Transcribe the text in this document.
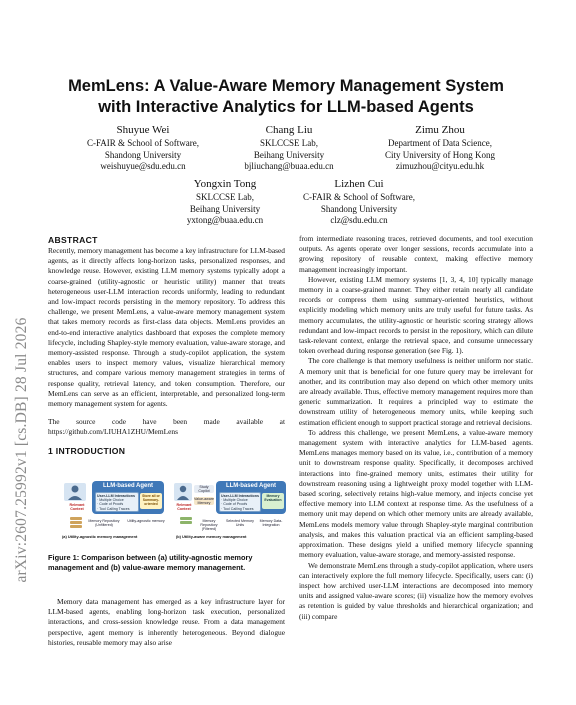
arXiv:2607.25992v1 [cs.DB] 28 Jul 2026
MemLens: A Value-Aware Memory Management System
with Interactive Analytics for LLM-based Agents
Shuyue Wei
C-FAIR & School of Software,
Shandong University
weishuyue@sdu.edu.cn
Chang Liu
SKLCCSE Lab,
Beihang University
bjliuchang@buaa.edu.cn
Zimu Zhou
Department of Data Science,
City University of Hong Kong
zimuzhou@cityu.edu.hk
Yongxin Tong
SKLCCSE Lab,
Beihang University
yxtong@buaa.edu.cn
Lizhen Cui
C-FAIR & School of Software,
Shandong University
clz@sdu.edu.cn

ABSTRACT

Recently, memory management has become a key infrastructure for LLM-based agents, as it directly affects long-horizon tasks, personalized responses, and knowledge reuse. However, existing LLM memory systems typically adopt a coarse-grained (utility-agnostic or heuristic utility) manner that treats heterogeneous user-LLM interaction records uniformly, leading to redundant and low-impact records persisting in the memory repository. To address this challenge, we present MemLens, a value-aware memory management system that takes memory records as first-class data objects. MemLens provides an end-to-end interactive analytics dashboard that exposes the complete memory lifecycle, including Shapley-style memory evaluation, value-aware storage, and memory-assisted response. Through a study-copilot application, the system enables users to inspect memory values, visualize hierarchical memory structures, and compare various memory management strategies in terms of response quality, retrieval latency, and token consumption. Therefore, our MemLens can serve as an efficient, interpretable, and personalized long-term memory management system for agents.

The source code have been made available at https://github.com/LIUHA1ZHU/MemLens

1 INTRODUCTION

LLM-based Agent
User-LLM Interactions
· Multiple Choice
· Code of Proofs
· Tool Calling Traces
Store all or Summary-oriented
Relevant Context
Memory Repository (Unfiltered)
Utility-agnostic memory
(a) Utility-agnostic memory management
Relevant Context
LLM-based Agent
User-LLM Interactions
· Multiple Choice
· Code of Proofs
· Tool Calling Traces
Memory Evaluation
Study Copilot
Value-aware Memory
Memory Repository (Filtered)
Selected Memory Units
Memory Data-Integration
(b) Utility-aware memory management
Figure 1: Comparison between (a) utility-agnostic memory management and (b) value-aware memory management.

Memory data management has emerged as a key infrastructure layer for LLM-based agents, enabling long-horizon task execution, personalized interactions, and cross-session knowledge reuse. From a data management perspective, agent memory is inherently heterogeneous. Beyond dialogue histories, reusable memory may also arise

from intermediate reasoning traces, retrieved documents, and tool execution outputs. As agents operate over longer sessions, records accumulate into a growing repository of reusable context, making effective memory management increasingly important.

However, existing LLM memory systems [1, 3, 4, 10] typically manage memory in a coarse-grained manner. They either retain nearly all candidate records or compress them using summary-oriented heuristics, without explicitly modeling which memory units are truly useful for future tasks. As memory accumulates, the utility-agnostic or heuristic scoring strategy allows redundant and low-impact records to persist in the repository, which can dilute task-relevant context, enlarge the retrieval space, and consume unnecessary token overhead during response generation (see Fig. 1).

The core challenge is that memory usefulness is neither uniform nor static. A memory unit that is beneficial for one future query may be irrelevant for another, and its contribution may also depend on which other memory units are already available. Thus, effective memory management requires more than generic summarization. It requires a principled way to estimate the downstream utility of heterogeneous memory units, while keeping such estimation efficient enough to support practical storage and retrieval decisions.

To address this challenge, we present MemLens, a value-aware memory management system with interactive analytics for LLM-based agents. MemLens manages memory based on its value, i.e., contribution of a memory unit to downstream response quality. Specifically, it decomposes archived interactions into fine-grained memory units, estimates their utility for downstream reasoning using a lightweight proxy model together with LLM-based scoring, selectively retains high-value memory, and injects concise yet effective memory into LLM context at response time. As the usefulness of a memory unit may depend on which other memory units are already available, MemLens models memory value through Shapley-style marginal contribution analysis, and makes this valuation practical via an efficient sampling-based approximation. These designs yield a unified memory lifecycle spanning memory evaluation, value-aware storage, and memory-assisted response.

We demonstrate MemLens through a study-copilot application, where users can interactively explore the full memory lifecycle. Specifically, users can: (i) inspect how archived user-LLM interactions are decomposed into memory units and assigned value-aware scores; (ii) visualize how the memory evolves as retention is guided by value thresholds and hierarchical organization; and (iii) compare
